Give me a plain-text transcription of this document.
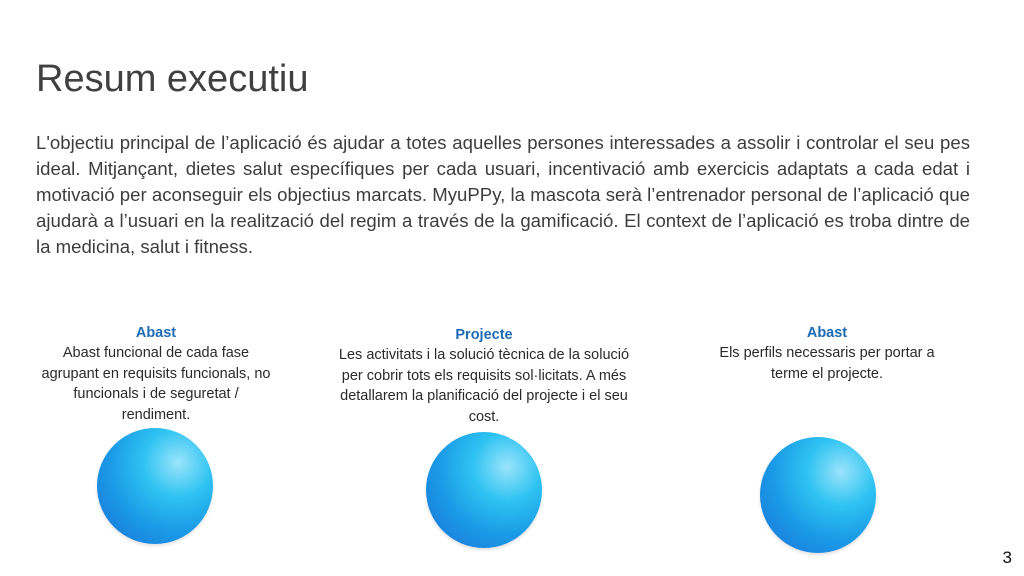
Resum executiu

L'objectiu principal de l’aplicació és ajudar a totes aquelles persones interessades a assolir i controlar el seu pes ideal. Mitjançant, dietes salut específiques per cada usuari, incentivació amb exercicis adaptats a cada edat i motivació per aconseguir els objectius marcats. MyuPPy, la mascota serà l’entrenador personal de l’aplicació que ajudarà a l’usuari en la realització del regim a través de la gamificació. El context de l’aplicació es troba dintre de la medicina, salut i fitness.

Abast
Abast funcional de cada fase agrupant en requisits funcionals, no funcionals i de seguretat / rendiment.
Projecte
Les activitats i la solució tècnica de la solució per cobrir tots els requisits sol·licitats. A més detallarem la planificació del projecte i el seu cost.
Abast
Els perfils necessaris per portar a terme el projecte.
3
